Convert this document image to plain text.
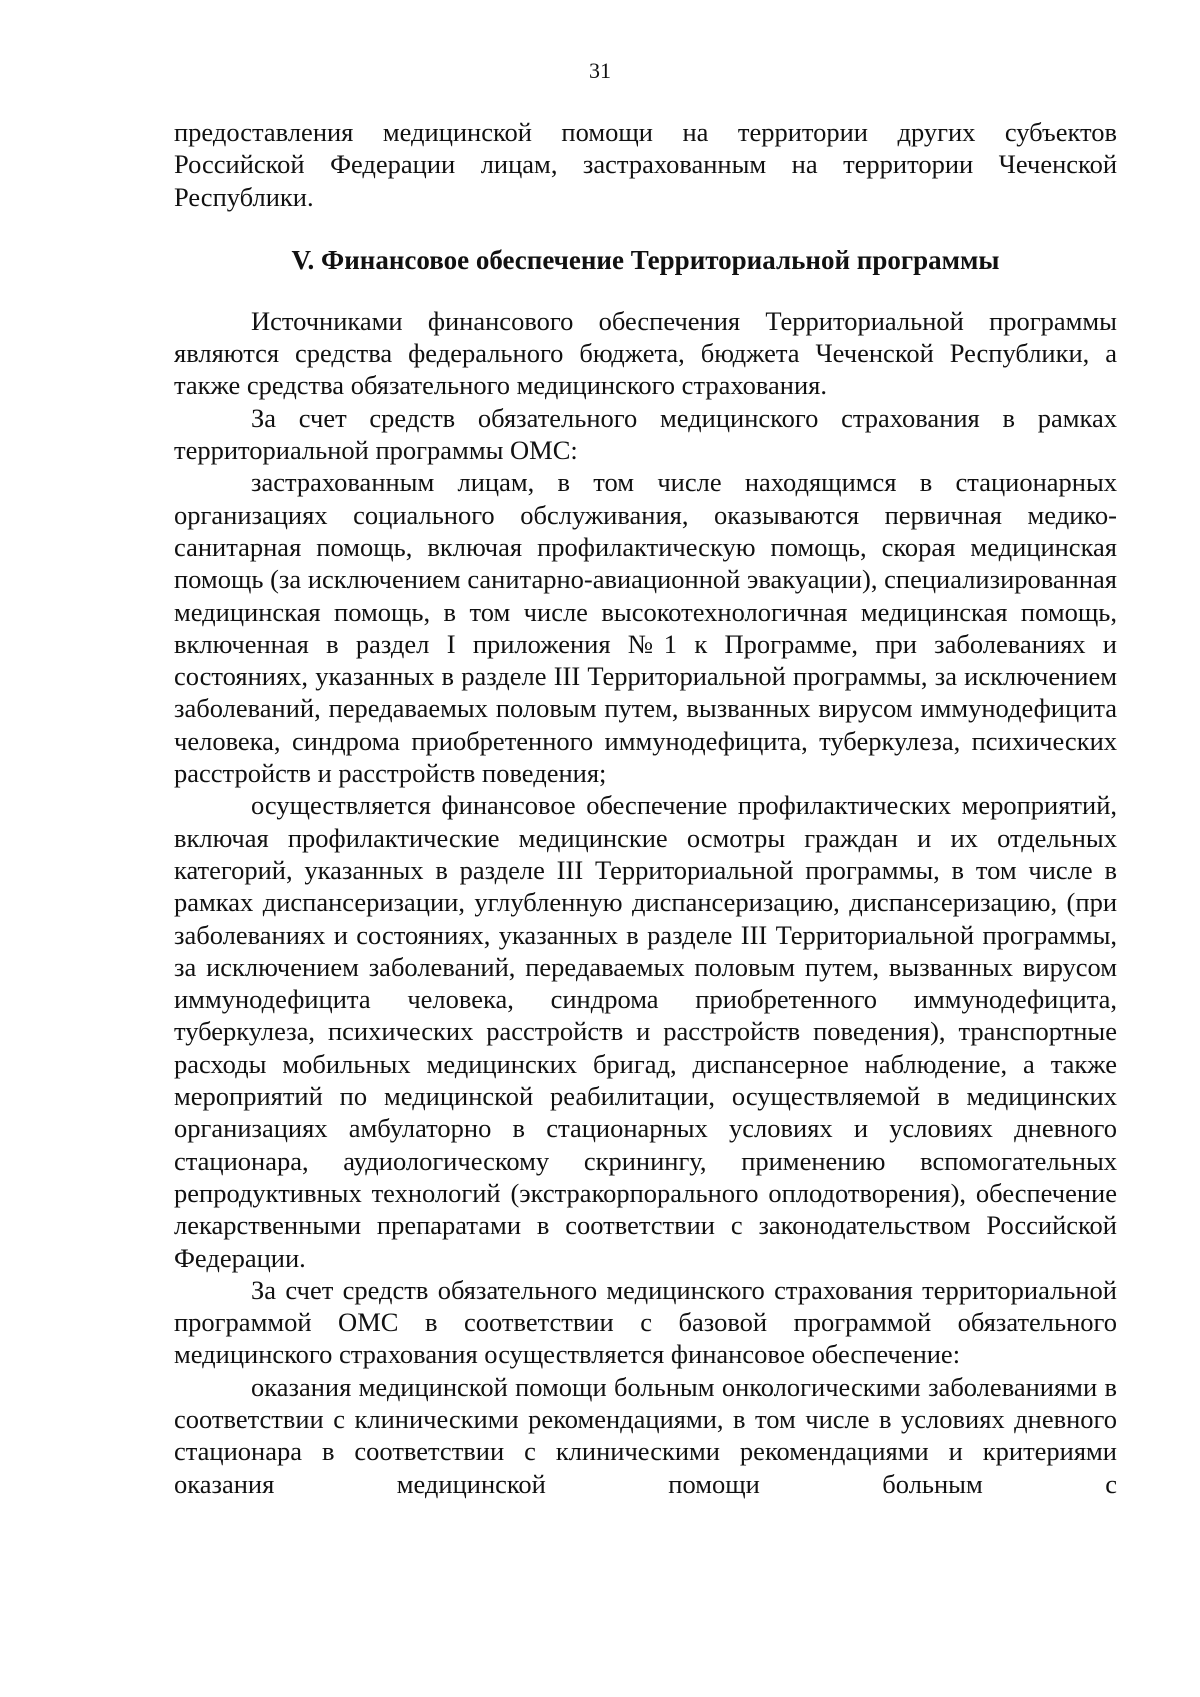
31

предоставления медицинской помощи на территории других субъектов Российской Федерации лицам, застрахованным на территории Чеченской Республики.

V. Финансовое обеспечение Территориальной программы

Источниками финансового обеспечения Территориальной программы являются средства федерального бюджета, бюджета Чеченской Республики, а также средства обязательного медицинского страхования.

За счет средств обязательного медицинского страхования в рамках территориальной программы ОМС:

застрахованным лицам, в том числе находящимся в стационарных организациях социального обслуживания, оказываются первичная медико-санитарная помощь, включая профилактическую помощь, скорая медицинская помощь (за исключением санитарно-авиационной эвакуации), специализированная медицинская помощь, в том числе высокотехнологичная медицинская помощь, включенная в раздел I приложения №1 к Программе, при заболеваниях и состояниях, указанных в разделе III Территориальной программы, за исключением заболеваний, передаваемых половым путем, вызванных вирусом иммунодефицита человека, синдрома приобретенного иммунодефицита, туберкулеза, психических расстройств и расстройств поведения;

осуществляется финансовое обеспечение профилактических мероприятий, включая профилактические медицинские осмотры граждан и их отдельных категорий, указанных в разделе III Территориальной программы, в том числе в рамках диспансеризации, углубленную диспансеризацию, диспансеризацию, (при заболеваниях и состояниях, указанных в разделе III Территориальной программы, за исключением заболеваний, передаваемых половым путем, вызванных вирусом иммунодефицита человека, синдрома приобретенного иммунодефицита, туберкулеза, психических расстройств и расстройств поведения), транспортные расходы мобильных медицинских бригад, диспансерное наблюдение, а также мероприятий по медицинской реабилитации, осуществляемой в медицинских организациях амбулаторно в стационарных условиях и условиях дневного стационара, аудиологическому скринингу, применению вспомогательных репродуктивных технологий (экстракорпорального оплодотворения), обеспечение лекарственными препаратами в соответствии с законодательством Российской Федерации.

За счет средств обязательного медицинского страхования территориальной программой ОМС в соответствии с базовой программой обязательного медицинского страхования осуществляется финансовое обеспечение:

оказания медицинской помощи больным онкологическими заболеваниями в соответствии с клиническими рекомендациями, в том числе в условиях дневного стационара в соответствии с клиническими рекомендациями и критериями оказания медицинской помощи больным с
